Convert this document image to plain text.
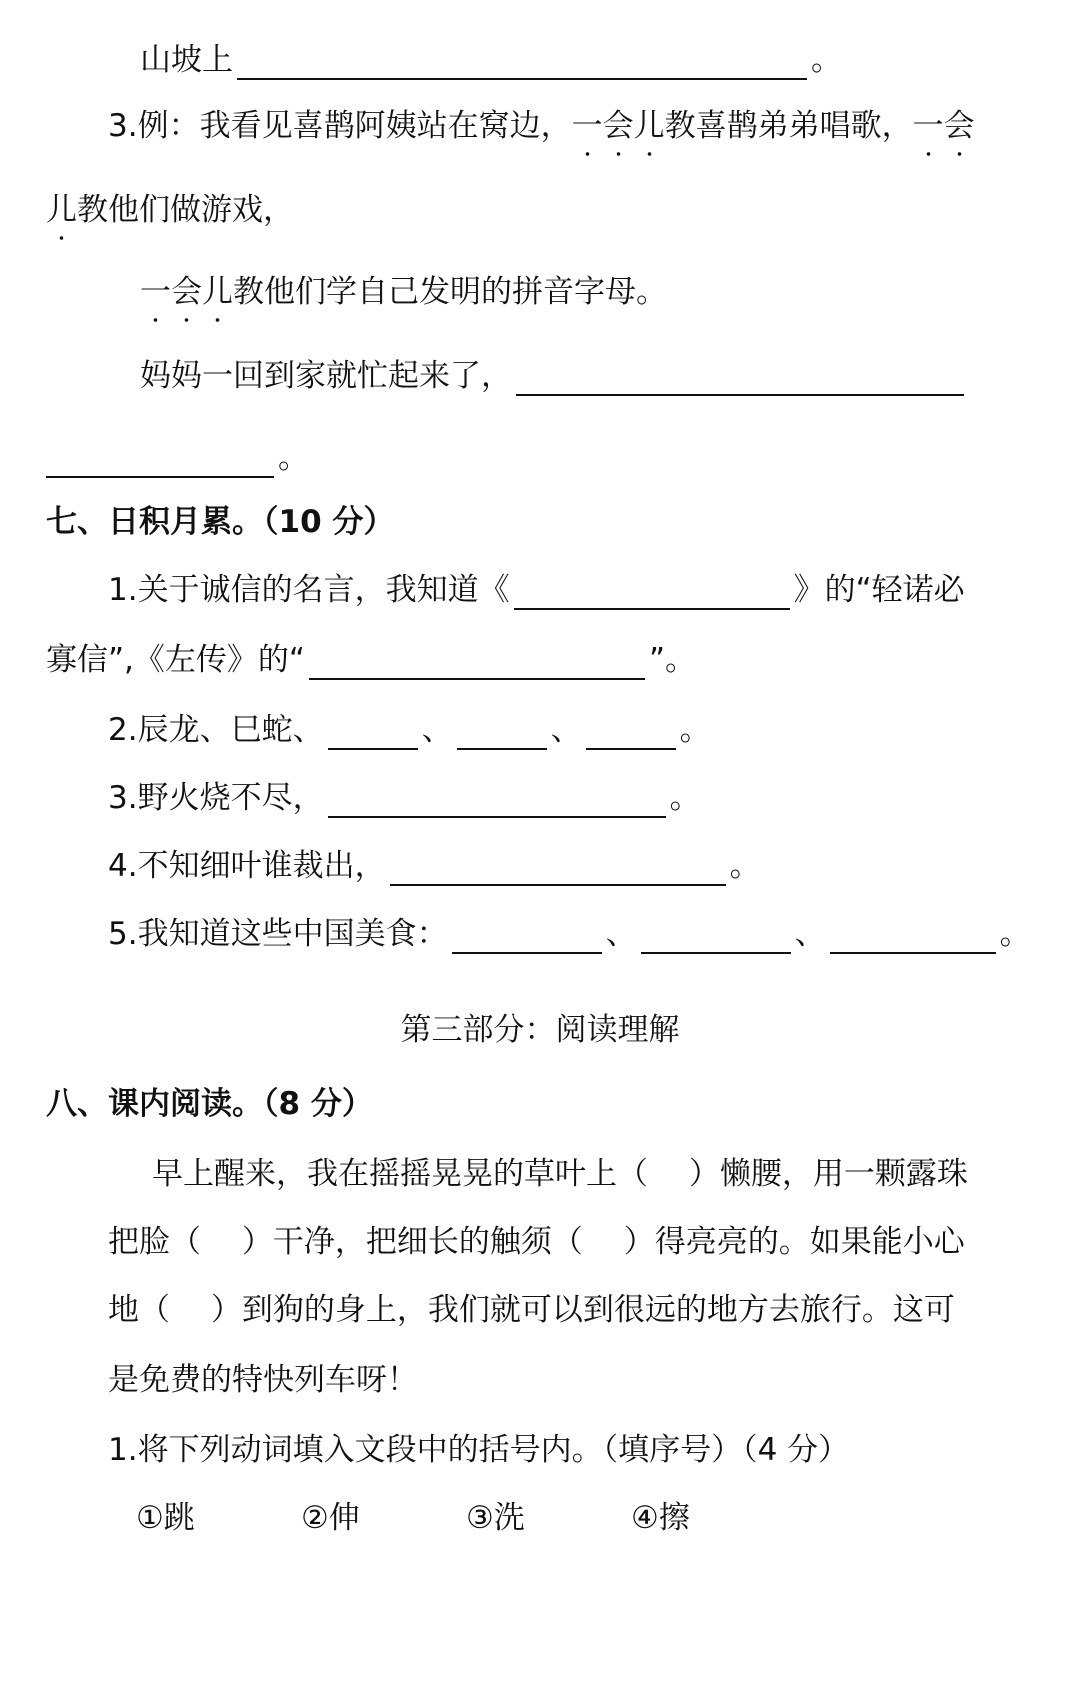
山坡上	。
3.例：我看见喜鹊阿姨站在窝边，一会儿教喜鹊弟弟唱歌，一会
儿教他们做游戏，
一会儿教他们学自己发明的拼音字母。
妈妈一回到家就忙起来了，
。
七、日积月累。（10 分）
1.关于诚信的名言，我知道《	》的“轻诺必
寡信”,《左传》的“	”。
2.辰龙、巳蛇、	、	、	。
3.野火烧不尽，	。
4.不知细叶谁裁出，	。
5.我知道这些中国美食：	、	、	。
第三部分：阅读理解
八、课内阅读。（8 分）
早上醒来，我在摇摇晃晃的草叶上（　 ）懒腰，用一颗露珠
把脸（　 ）干净，把细长的触须（　 ）得亮亮的。如果能小心
地（　 ）到狗的身上，我们就可以到很远的地方去旅行。这可
是免费的特快列车呀！
1.将下列动词填入文段中的括号内。（填序号）（4 分）
①跳	②伸	③洗	④擦
